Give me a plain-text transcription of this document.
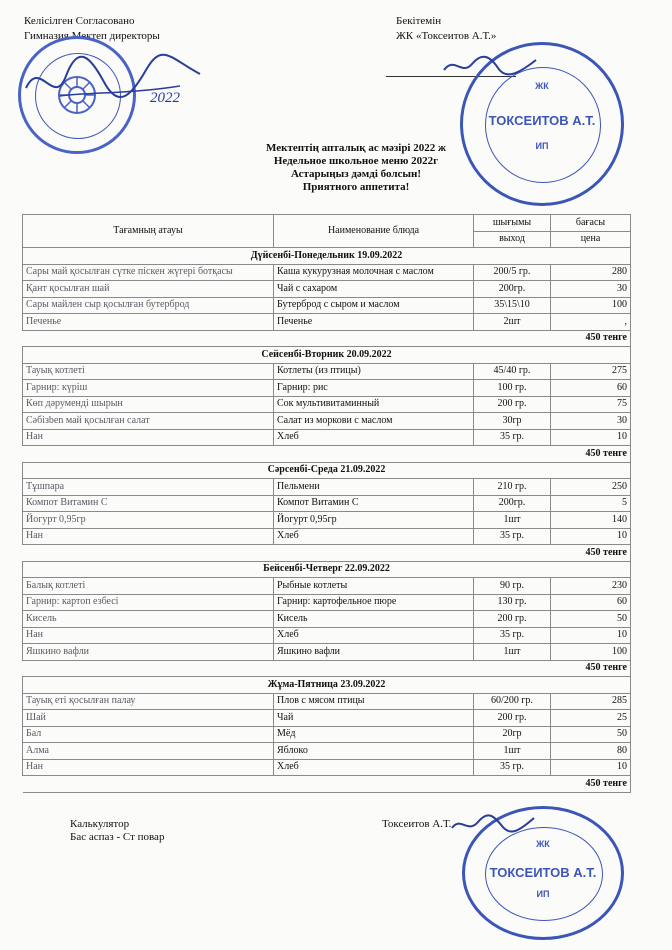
Келісілген Согласовано
Гимназия Мектеп директоры
Бекітемін
ЖК «Токсеитов А.Т.»
2022
ЖК
ТОКСЕИТОВ А.Т.
ИП
Мектептің апталық ас мәзірі 2022 ж
Недельное школьное меню 2022г
Астарыңыз дәмді болсын!
Приятного аппетита!
Тағамның атауы	Наименование блюда	шығымы	бағасы
		выход	цена
Дүйсенбі-Понедельник 19.09.2022			
Сары май қосылған сүтке піскен жүгері ботқасы	Каша кукурузная молочная с маслом	200/5 гр.	280
Қант қосылған шай	Чай с сахаром	200гр.	30
Сары майлен сыр қосылған бутерброд	Бутерброд с сыром и маслом	35\15\10	100
Печенье	Печенье	2шт	,
			450 тенге
Сейсенбі-Вторник 20.09.2022			
Тауық котлеті	Котлеты (из птицы)	45/40 гр.	275
Гарнир: күріш	Гарнир: рис	100 гр.	60
Көп дәрумендi шырын	Сок мультивитаминный	200 гр.	75
Сәбізben май қосылған салат	Салат из моркови с маслом	30гр	30
Нан	Хлеб	35 гр.	10
			450 тенге
Сәрсенбі-Среда 21.09.2022			
Тұшпара	Пельмени	210 гр.	250
Компот Витамин С	Компот Витамин С	200гр.	5
Йогурт 0,95гр	Йогурт 0,95гр	1шт	140
Нан	Хлеб	35 гр.	10
			450 тенге
Бейсенбі-Четверг 22.09.2022			
Балық котлеті	Рыбные котлеты	90 гр.	230
Гарнир: картоп езбесі	Гарнир: картофельное пюре	130 гр.	60
Кисель	Кисель	200 гр.	50
Нан	Хлеб	35 гр.	10
Яшкино вафли	Яшкино вафли	1шт	100
			450 тенге
Жұма-Пятница 23.09.2022			
Тауық еті қосылған палау	Плов с мясом птицы	60/200 гр.	285
Шай	Чай	200 гр.	25
Бал	Мёд	20гр	50
Алма	Яблоко	1шт	80
Нан	Хлеб	35 гр.	10
			450 тенге
Калькулятор
Бас аспаз - Ст повар
Токсеитов А.Т.
ЖК
ТОКСЕИТОВ А.Т.
ИП
